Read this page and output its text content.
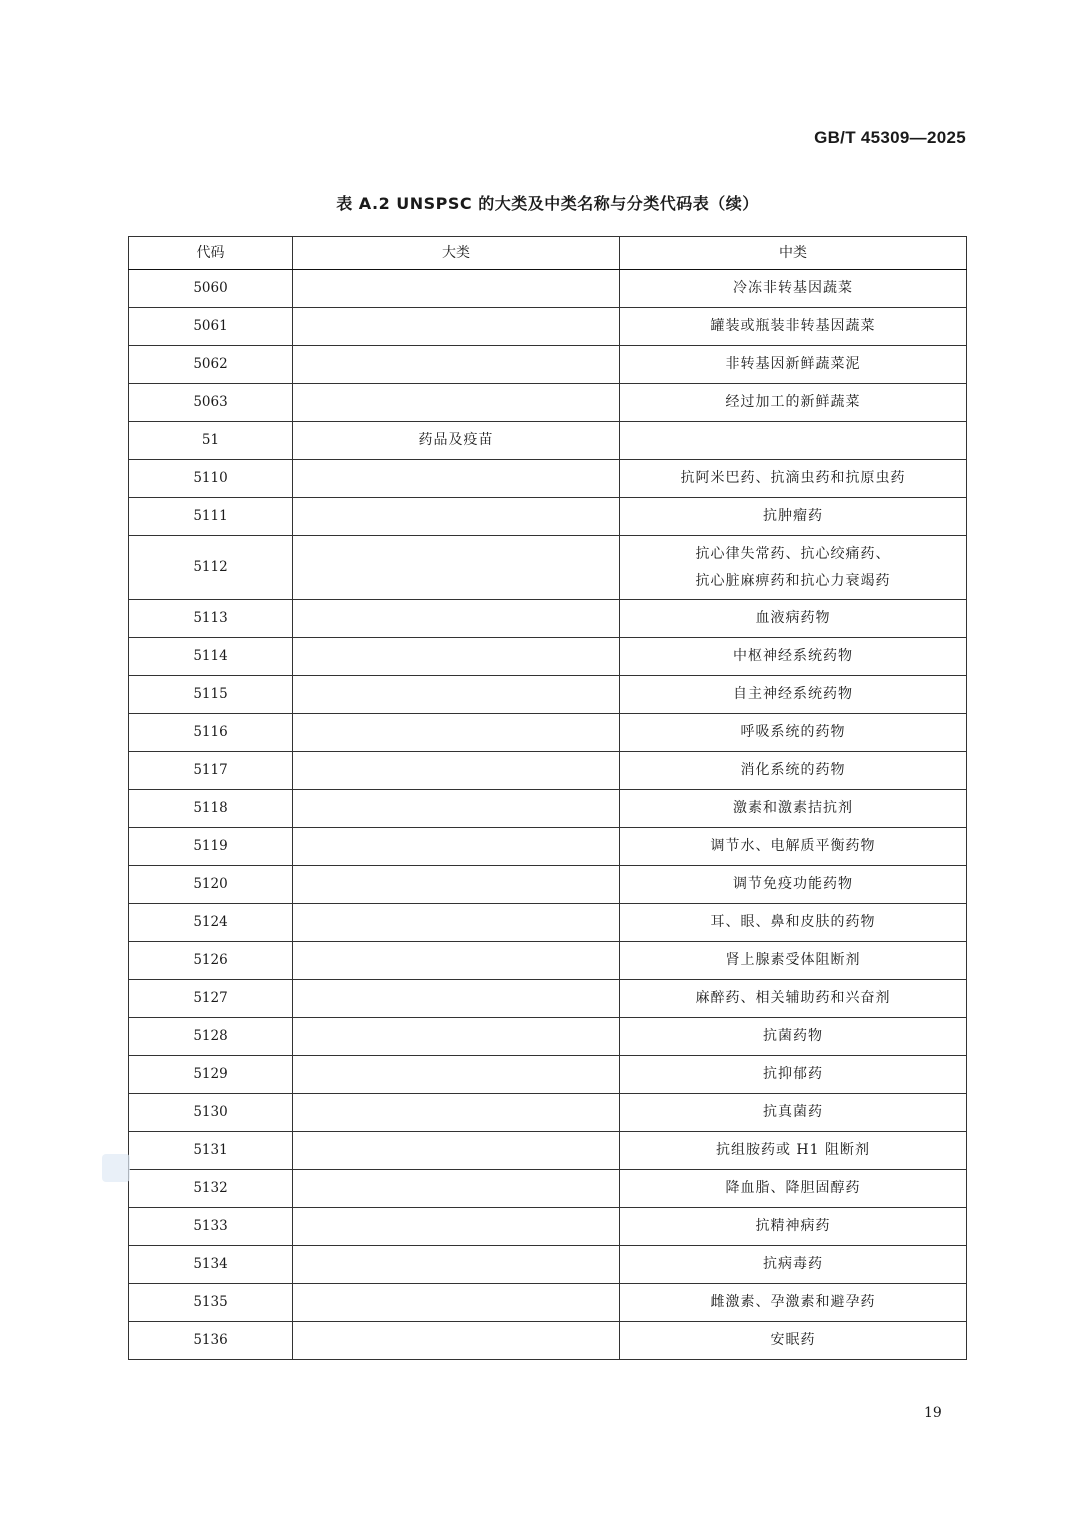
GB/T 45309—2025
表 A.2 UNSPSC 的大类及中类名称与分类代码表（续）
代码	大类	中类
5060		冷冻非转基因蔬菜
5061		罐装或瓶装非转基因蔬菜
5062		非转基因新鲜蔬菜泥
5063		经过加工的新鲜蔬菜
51	药品及疫苗	
5110		抗阿米巴药、抗滴虫药和抗原虫药
5111		抗肿瘤药
5112		抗心律失常药、抗心绞痛药、
抗心脏麻痹药和抗心力衰竭药

5113		血液病药物
5114		中枢神经系统药物
5115		自主神经系统药物
5116		呼吸系统的药物
5117		消化系统的药物
5118		激素和激素拮抗剂
5119		调节水、电解质平衡药物
5120		调节免疫功能药物
5124		耳、眼、鼻和皮肤的药物
5126		肾上腺素受体阻断剂
5127		麻醉药、相关辅助药和兴奋剂
5128		抗菌药物
5129		抗抑郁药
5130		抗真菌药
5131		抗组胺药或 H1 阻断剂
5132		降血脂、降胆固醇药
5133		抗精神病药
5134		抗病毒药
5135		雌激素、孕激素和避孕药
5136		安眠药
19
